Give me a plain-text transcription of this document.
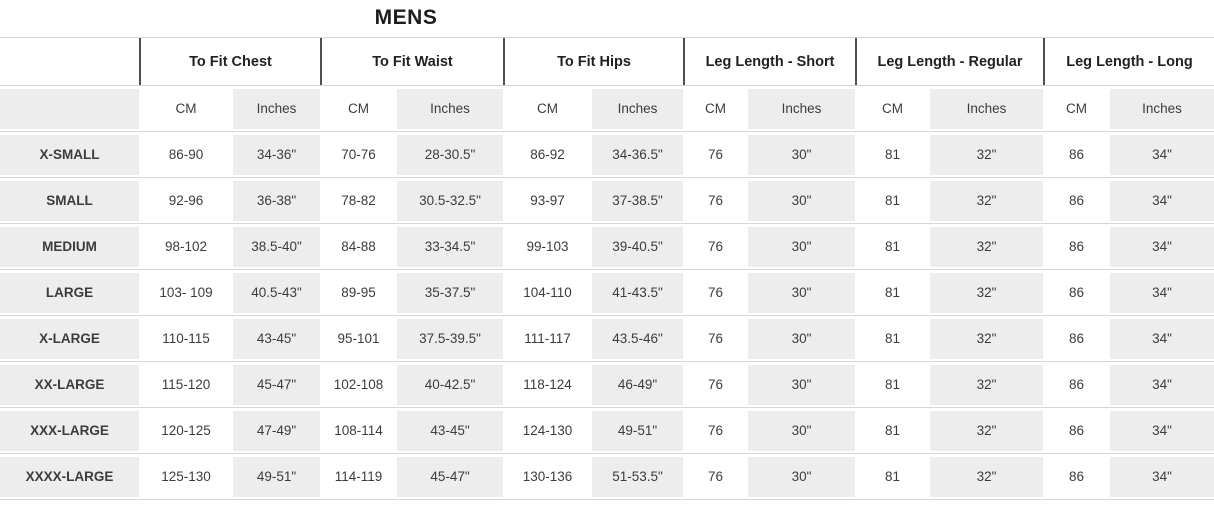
MENS
To Fit Chest	To Fit Waist	To Fit Hips	Leg Length - Short	Leg Length - Regular	Leg Length - Long
CM	Inches	CM	Inches	CM	Inches	CM	Inches	CM	Inches	CM	Inches
X-SMALL	86-90	34-36"	70-76	28-30.5"	86-92	34-36.5"	76	30"	81	32"	86	34"
SMALL	92-96	36-38"	78-82	30.5-32.5"	93-97	37-38.5"	76	30"	81	32"	86	34"
MEDIUM	98-102	38.5-40"	84-88	33-34.5"	99-103	39-40.5"	76	30"	81	32"	86	34"
LARGE	103- 109	40.5-43"	89-95	35-37.5"	104-110	41-43.5"	76	30"	81	32"	86	34"
X-LARGE	110-115	43-45"	95-101	37.5-39.5"	111-117	43.5-46"	76	30"	81	32"	86	34"
XX-LARGE	115-120	45-47"	102-108	40-42.5"	118-124	46-49"	76	30"	81	32"	86	34"
XXX-LARGE	120-125	47-49"	108-114	43-45"	124-130	49-51"	76	30"	81	32"	86	34"
XXXX-LARGE	125-130	49-51"	114-119	45-47"	130-136	51-53.5"	76	30"	81	32"	86	34"
